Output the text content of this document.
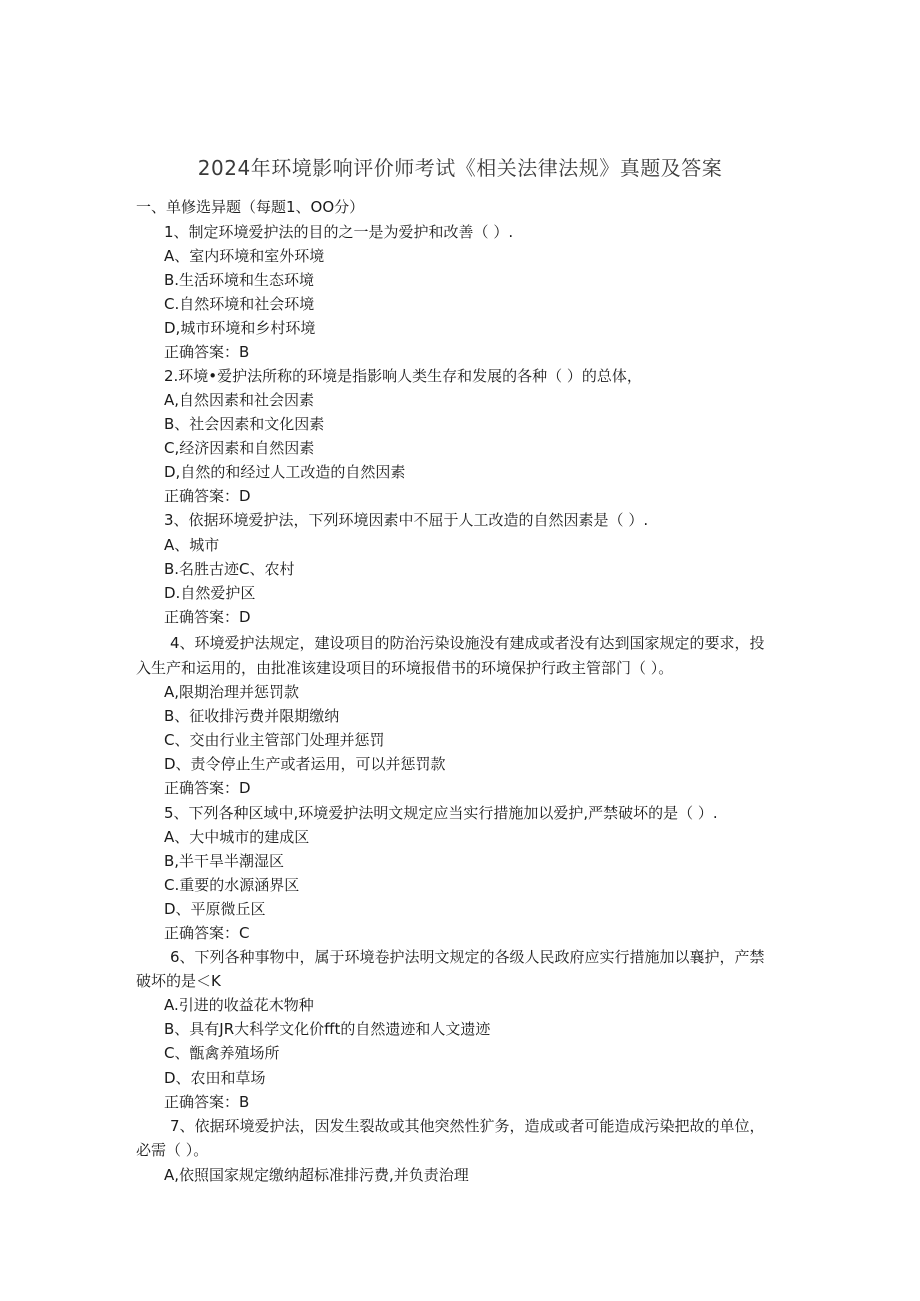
2024年环境影响评价师考试《相关法律法规》真题及答案
一、单修选异题（每题1、OO分）
1、制定环境爱护法的目的之一是为爱护和改善（ ）.
A、室内环境和室外环境
B.生活环境和生态环境
C.自然环境和社会环境
D,城市环境和乡村环境
正确答案：B
2.环境•爱护法所称的环境是指影响人类生存和发展的各种（ ）的总体，
A,自然因素和社会因素
B、社会因素和文化因素
C,经济因素和自然因素
D,自然的和经过人工改造的自然因素
正确答案：D
3、依据环境爱护法，下列环境因素中不屈于人工改造的自然因素是（ ）.
A、城市
B.名胜古迹C、农村
D.自然爱护区
正确答案：D
4、环境爱护法规定，建设项目的防治污染设施没有建成或者没有达到国家规定的要求，投
入生产和运用的，由批准该建设项目的环境报借书的环境保护行政主管部门（ ）。
A,限期治理并惩罚款
B、征收排污费并限期缴纳
C、交由行业主管部门处理并惩罚
D、责令停止生产或者运用，可以并惩罚款
正确答案：D
5、下列各种区域中,环境爱护法明文规定应当实行措施加以爱护,严禁破坏的是（ ）.
A、大中城市的建成区
B,半干旱半潮湿区
C.重要的水源涵界区
D、平原微丘区
正确答案：C
6、下列各种事物中，属于环境卷护法明文规定的各级人民政府应实行措施加以襄护，产禁
破坏的是＜K
A.引进的收益花木物种
B、具有JR大科学文化价fft的自然遗迹和人文遗迹
C、甑禽养殖场所
D、农田和草场
正确答案：B
7、依据环境爱护法，因发生裂故或其他突然性犷务，造成或者可能造成污染把故的单位，
必需（ ）。
A,依照国家规定缴纳超标准排污费,并负责治理
